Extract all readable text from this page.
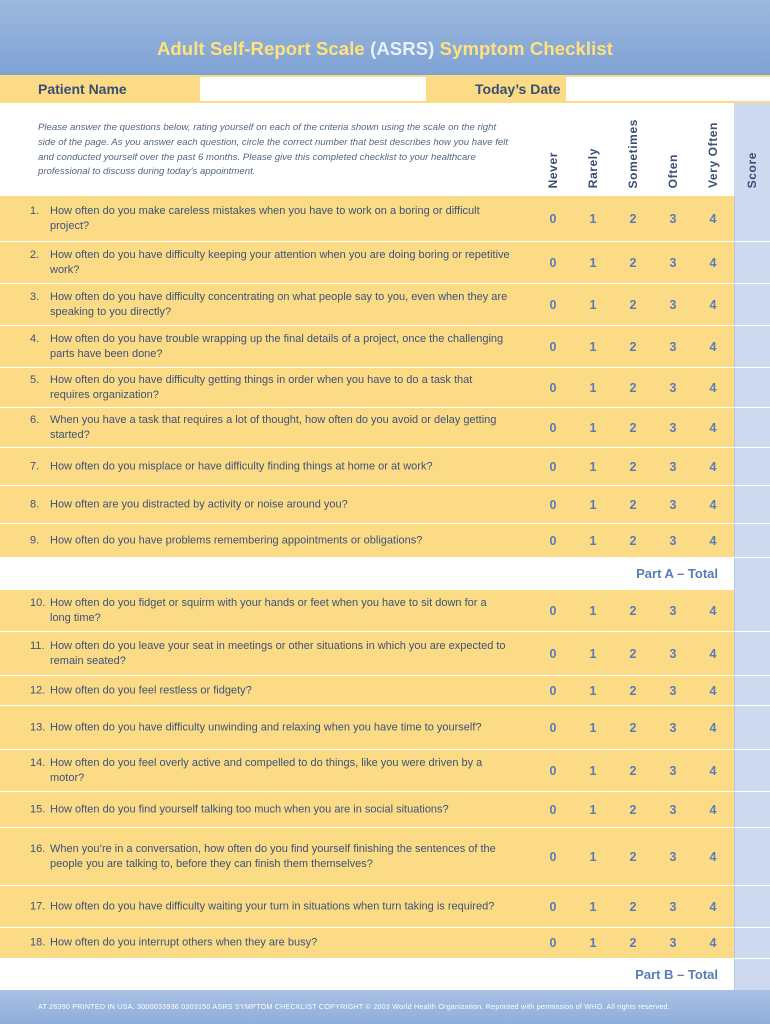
Adult Self-Report Scale (ASRS) Symptom Checklist
Patient Name	Today’s Date
Please answer the questions below, rating yourself on each of the criteria shown using the scale on the right side of the page. As you answer each question, circle the correct number that best describes how you have felt and conducted yourself over the past 6 months. Please give this completed checklist to your healthcare professional to discuss during today’s appointment.	Never Rarely Sometimes Often Very Often Score
1. How often do you make careless mistakes when you have to work on a boring or difficult project?	0	1	2	3	4
2. How often do you have difficulty keeping your attention when you are doing boring or repetitive work?	0	1	2	3	4
3. How often do you have difficulty concentrating on what people say to you, even when they are speaking to you directly?	0	1	2	3	4
4. How often do you have trouble wrapping up the final details of a project, once the challenging parts have been done?	0	1	2	3	4
5. How often do you have difficulty getting things in order when you have to do a task that requires organization?	0	1	2	3	4
6. When you have a task that requires a lot of thought, how often do you avoid or delay getting started?	0	1	2	3	4
7. How often do you misplace or have difficulty finding things at home or at work?	0	1	2	3	4
8. How often are you distracted by activity or noise around you?	0	1	2	3	4
9. How often do you have problems remembering appointments or obligations?	0	1	2	3	4
10. How often do you fidget or squirm with your hands or feet when you have to sit down for a long time?	0	1	2	3	4
11. How often do you leave your seat in meetings or other situations in which you are expected to remain seated?	0	1	2	3	4
12. How often do you feel restless or fidgety?	0	1	2	3	4
13. How often do you have difficulty unwinding and relaxing when you have time to yourself?	0	1	2	3	4
14. How often do you feel overly active and compelled to do things, like you were driven by a motor?	0	1	2	3	4
15. How often do you find yourself talking too much when you are in social situations?	0	1	2	3	4
16. When you’re in a conversation, how often do you find yourself finishing the sentences of the people you are talking to, before they can finish them themselves?	0	1	2	3	4
17. How often do you have difficulty waiting your turn in situations when turn taking is required?	0	1	2	3	4
18. How often do you interrupt others when they are busy?	0	1	2	3	4
Part A – Total
Part B – Total
AT 26390 PRINTED IN USA. 3000033936 0303150 ASRS SYMPTOM CHECKLIST COPYRIGHT © 2003 World Health Organization. Reprinted with permission of WHO. All rights reserved.
